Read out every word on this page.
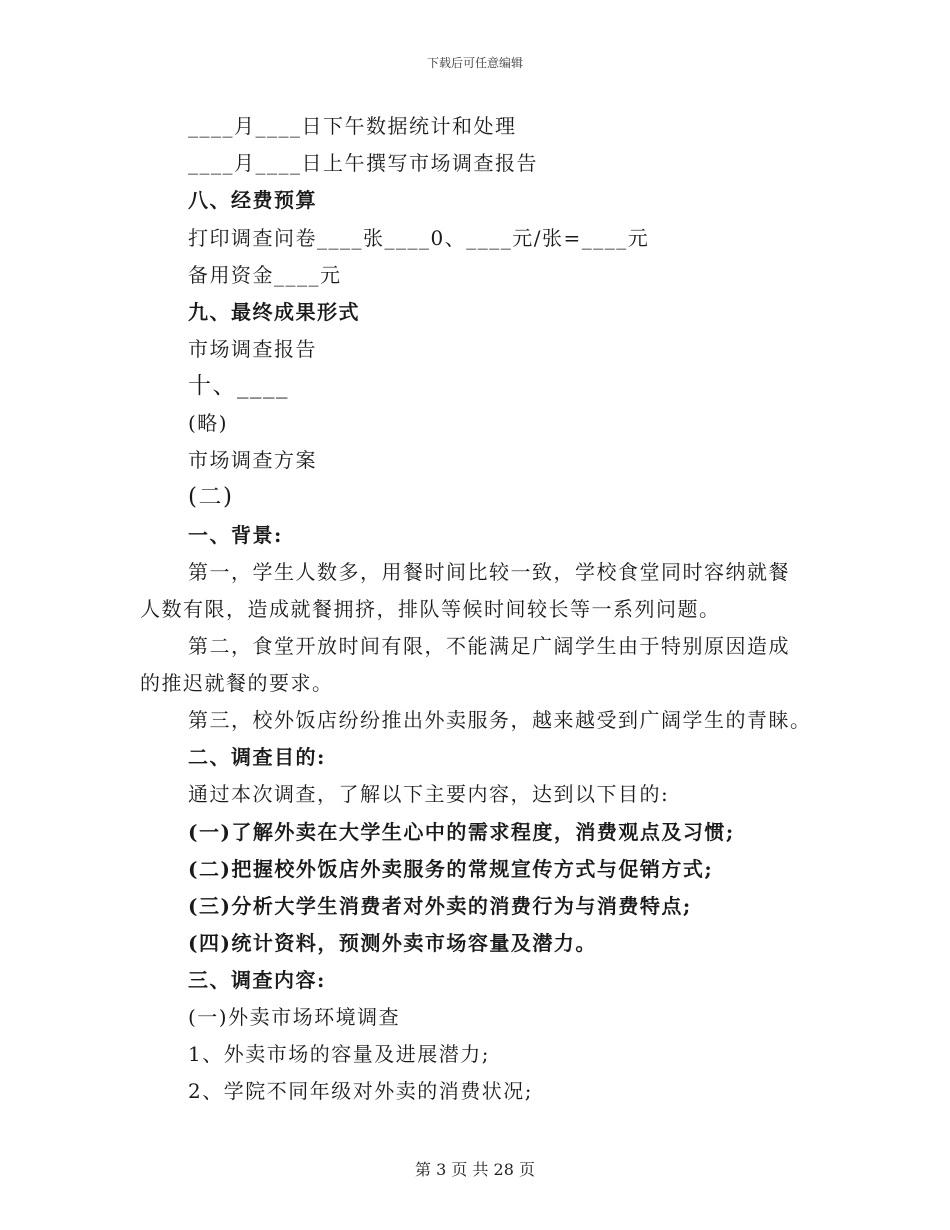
下载后可任意编辑
____月____日下午数据统计和处理
____月____日上午撰写市场调查报告
八、经费预算
打印调查问卷____张____0、____元/张=____元
备用资金____元
九、最终成果形式
市场调查报告
十、____
(略)
市场调查方案
(二)
一、背景:
第一，学生人数多，用餐时间比较一致，学校食堂同时容纳就餐
人数有限，造成就餐拥挤，排队等候时间较长等一系列问题。
第二，食堂开放时间有限，不能满足广阔学生由于特别原因造成
的推迟就餐的要求。
第三，校外饭店纷纷推出外卖服务，越来越受到广阔学生的青睐。
二、调查目的:
通过本次调查，了解以下主要内容，达到以下目的:
(一)了解外卖在大学生心中的需求程度，消费观点及习惯;
(二)把握校外饭店外卖服务的常规宣传方式与促销方式;
(三)分析大学生消费者对外卖的消费行为与消费特点;
(四)统计资料，预测外卖市场容量及潜力。
三、调查内容:
(一)外卖市场环境调查
1、外卖市场的容量及进展潜力;
2、学院不同年级对外卖的消费状况;
第 3 页 共 28 页
